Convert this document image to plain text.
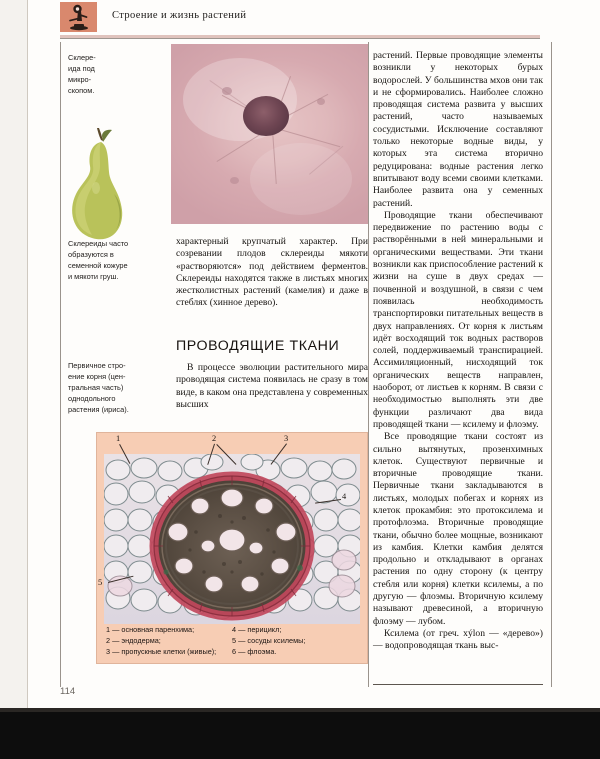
Строение и жизнь растений
Склере-
ида под
микро-
скопом.
Склереиды часто
образуются в
семенной кожуре
и мякоти груш.
Первичное стро-
ение корня (цен-
тральная часть)
однодольного
растения (ириса).

характерный крупчатый характер. При созревании плодов склереиды мякоти «растворяются» под действием ферментов. Склереиды находятся также в листьях многих жестколистных растений (камелия) и даже в стеблях (хинное дерево).

ПРОВОДЯЩИЕ ТКАНИ

В процессе эволюции растительного мира проводящая система появилась не сразу в том виде, в каком она представлена у современных высших

1	2	3
4
5
1 — основная паренхима;
2 — эндодерма;
3 — пропускные клетки (живые);
4 — перицикл;
5 — сосуды ксилемы;
6 — флоэма.

растений. Первые проводящие элементы возникли у некоторых бурых водорослей. У большинства мхов они так и не сформировались. Наиболее сложно проводящая система развита у высших растений, часто называемых сосудистыми. Исключение составляют только некоторые водные виды, у которых эта система вторично редуцирована: водные растения легко впитывают воду всеми своими клетками. Наиболее развита она у семенных растений.

Проводящие ткани обеспечивают передвижение по растению воды с растворёнными в ней минеральными и органическими веществами. Эти ткани возникли как приспособление растений к жизни на суше в двух средах — почвенной и воздушной, в связи с чем появилась необходимость транспортировки питательных веществ в двух направлениях. От корня к листьям идёт восходящий ток водных растворов солей, поддерживаемый транспирацией. Ассимиляционный, нисходящий ток органических веществ направлен, наоборот, от листьев к корням. В связи с необходимостью выполнять эти две функции различают два вида проводящей ткани — ксилему и флоэму.

Все проводящие ткани состоят из сильно вытянутых, прозенхимных клеток. Существуют первичные и вторичные проводящие ткани. Первичные ткани закладываются в листьях, молодых побегах и корнях из клеток прокамбия: это протоксилема и протофлоэма. Вторичные проводящие ткани, обычно более мощные, возникают из камбия. Клетки камбия делятся продольно и откладывают в органах растения по одну сторону (к центру стебля или корня) клетки ксилемы, а по другую — флоэмы. Вторичную ксилему называют древесиной, а вторичную флоэму — лубом.

Ксилема (от греч. xýlon — «дерево») — водопроводящая ткань выс-

114
